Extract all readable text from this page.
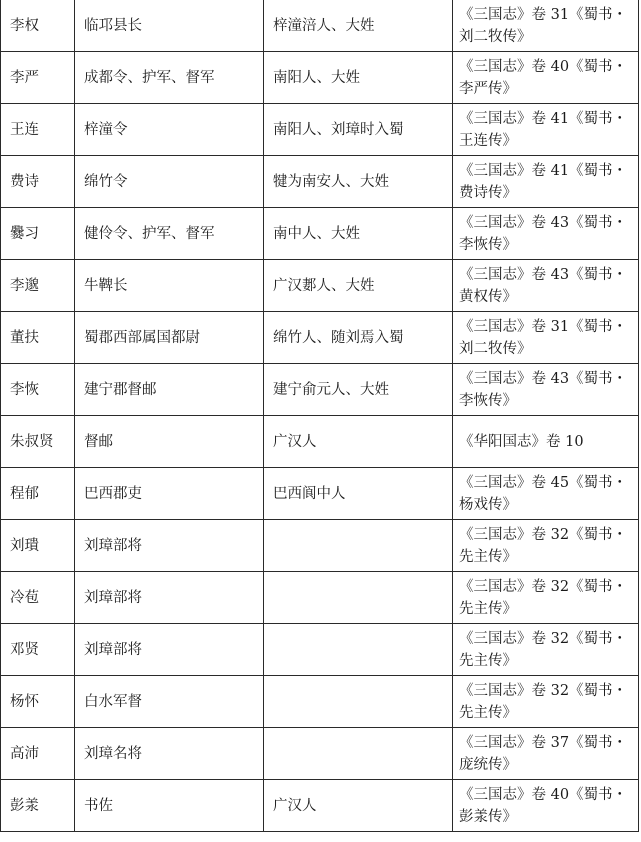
李权	临邛县长	梓潼涪人、大姓	《三国志》卷 31《蜀书・刘二牧传》
李严	成都令、护军、督军	南阳人、大姓	《三国志》卷 40《蜀书・李严传》
王连	梓潼令	南阳人、刘璋时入蜀	《三国志》卷 41《蜀书・王连传》
费诗	绵竹令	犍为南安人、大姓	《三国志》卷 41《蜀书・费诗传》
爨习	健伶令、护军、督军	南中人、大姓	《三国志》卷 43《蜀书・李恢传》
李邈	牛鞞长	广汉郪人、大姓	《三国志》卷 43《蜀书・黄权传》
董扶	蜀郡西部属国都尉	绵竹人、随刘焉入蜀	《三国志》卷 31《蜀书・刘二牧传》
李恢	建宁郡督邮	建宁俞元人、大姓	《三国志》卷 43《蜀书・李恢传》
朱叔贤	督邮	广汉人	《华阳国志》卷 10
程郁	巴西郡吏	巴西阆中人	《三国志》卷 45《蜀书・杨戏传》
刘璝	刘璋部将		《三国志》卷 32《蜀书・先主传》
冷苞	刘璋部将		《三国志》卷 32《蜀书・先主传》
邓贤	刘璋部将		《三国志》卷 32《蜀书・先主传》
杨怀	白水军督		《三国志》卷 32《蜀书・先主传》
高沛	刘璋名将		《三国志》卷 37《蜀书・庞统传》
彭羕	书佐	广汉人	《三国志》卷 40《蜀书・彭羕传》
